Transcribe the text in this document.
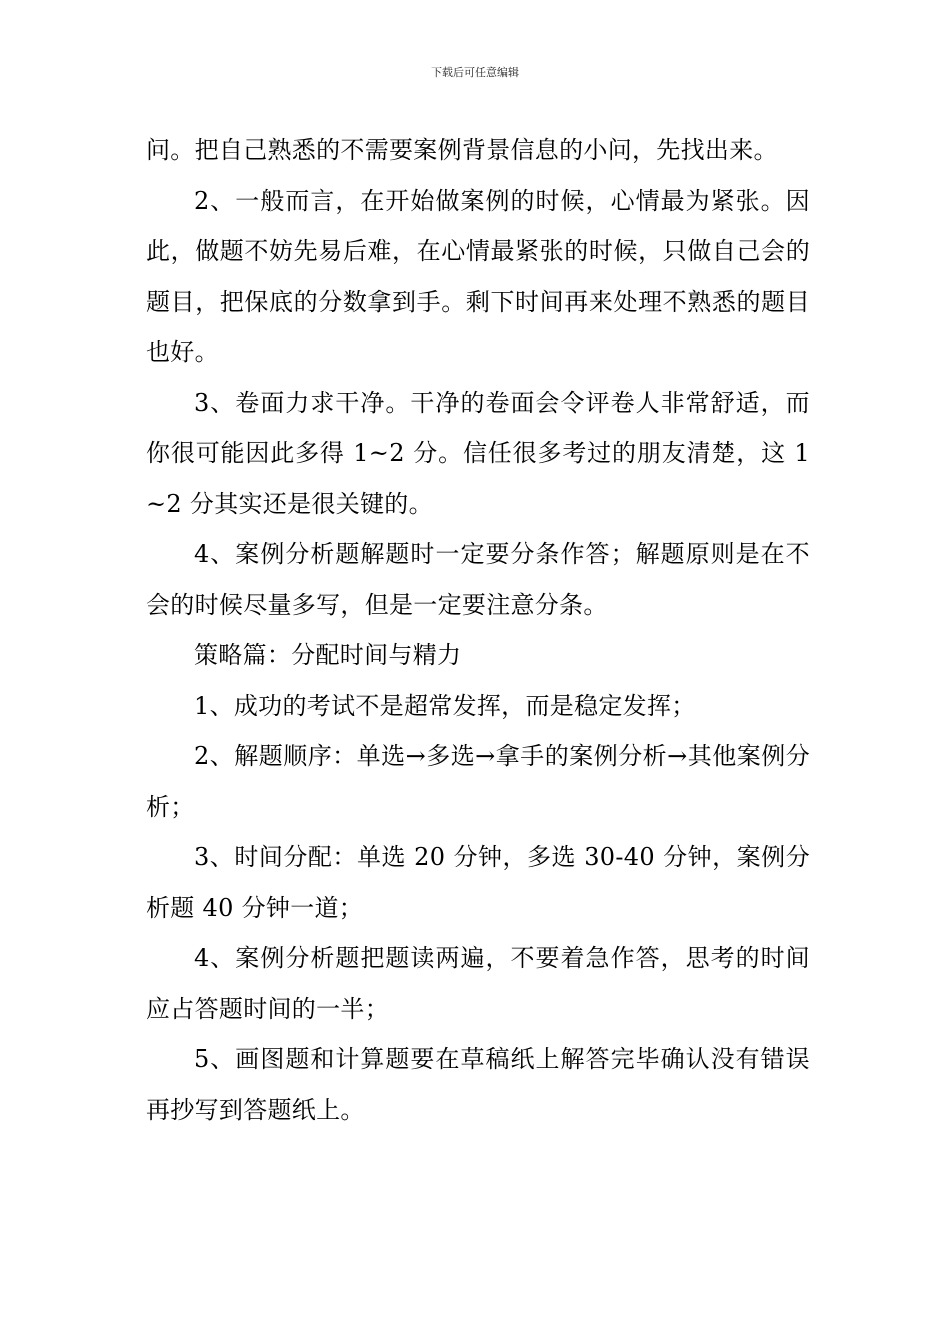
下载后可任意编辑

问。把自己熟悉的不需要案例背景信息的小问，先找出来。

2、一般而言，在开始做案例的时候，心情最为紧张。因此，做题不妨先易后难，在心情最紧张的时候，只做自己会的题目，把保底的分数拿到手。剩下时间再来处理不熟悉的题目也好。

3、卷面力求干净。干净的卷面会令评卷人非常舒适，而你很可能因此多得 1~2 分。信任很多考过的朋友清楚，这 1~2 分其实还是很关键的。

4、案例分析题解题时一定要分条作答；解题原则是在不会的时候尽量多写，但是一定要注意分条。

策略篇：分配时间与精力

1、成功的考试不是超常发挥，而是稳定发挥；

2、解题顺序：单选→多选→拿手的案例分析→其他案例分析；

3、时间分配：单选 20 分钟，多选 30-40 分钟，案例分析题 40 分钟一道；

4、案例分析题把题读两遍，不要着急作答，思考的时间应占答题时间的一半；

5、画图题和计算题要在草稿纸上解答完毕确认没有错误再抄写到答题纸上。
